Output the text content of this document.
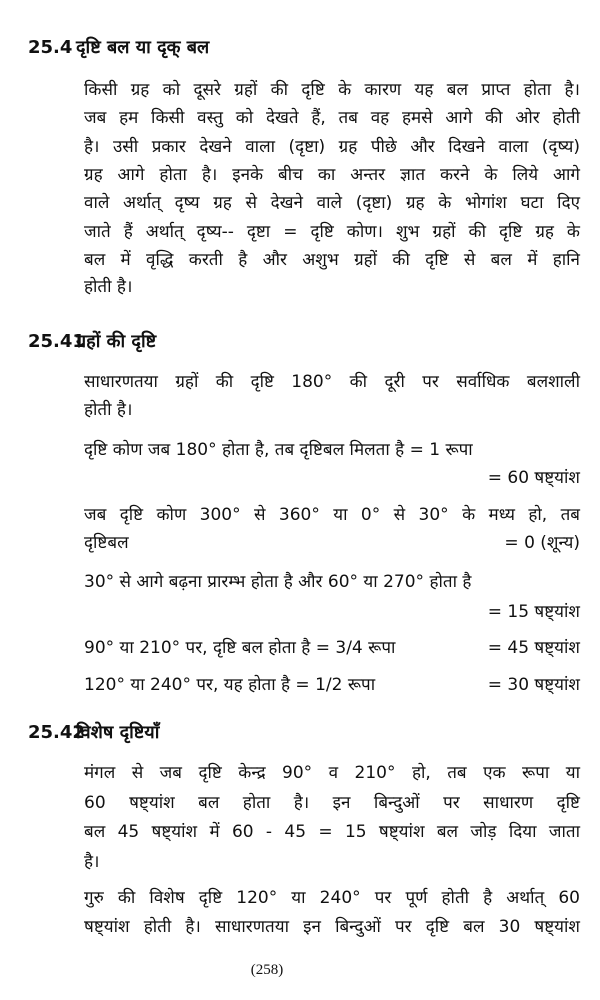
25.4 दृष्टि बल या दृक् बल
किसी ग्रह को दूसरे ग्रहों की दृष्टि के कारण यह बल प्राप्त होता है।
जब हम किसी वस्तु को देखते हैं, तब वह हमसे आगे की ओर होती
है। उसी प्रकार देखने वाला (दृष्टा) ग्रह पीछे और दिखने वाला (दृष्य)
ग्रह आगे होता है। इनके बीच का अन्तर ज्ञात करने के लिये आगे
वाले अर्थात् दृष्य ग्रह से देखने वाले (दृष्टा) ग्रह के भोगांश घटा दिए
जाते हैं अर्थात् दृष्य-- दृष्टा = दृष्टि कोण। शुभ ग्रहों की दृष्टि ग्रह के
बल में वृद्धि करती है और अशुभ ग्रहों की दृष्टि से बल में हानि
होती है।
25.41ग्रहों की दृष्टि
साधारणतया ग्रहों की दृष्टि 180° की दूरी पर सर्वाधिक बलशाली
होती है।
दृष्टि कोण जब 180° होता है, तब दृष्टिबल मिलता है = 1 रूपा
= 60 षष्ट्यांश
जब दृष्टि कोण 300° से 360° या 0° से 30° के मध्य हो, तब
दृष्टिबल	= 0 (शून्य)
30° से आगे बढ़ना प्रारम्भ होता है और 60° या 270° होता है
= 15 षष्ट्यांश
90° या 210° पर, दृष्टि बल होता है = 3/4 रूपा	= 45 षष्ट्यांश
120° या 240° पर, यह होता है = 1/2 रूपा	= 30 षष्ट्यांश
25.42विशेष दृष्टियाँ
मंगल से जब दृष्टि केन्द्र 90° व 210° हो, तब एक रूपा या
60 षष्ट्यांश बल होता है। इन बिन्दुओं पर साधारण दृष्टि
बल 45 षष्ट्यांश में 60 - 45 = 15 षष्ट्यांश बल जोड़ दिया जाता
है।
गुरु की विशेष दृष्टि 120° या 240° पर पूर्ण होती है अर्थात् 60
षष्ट्यांश होती है। साधारणतया इन बिन्दुओं पर दृष्टि बल 30 षष्ट्यांश
(258)
